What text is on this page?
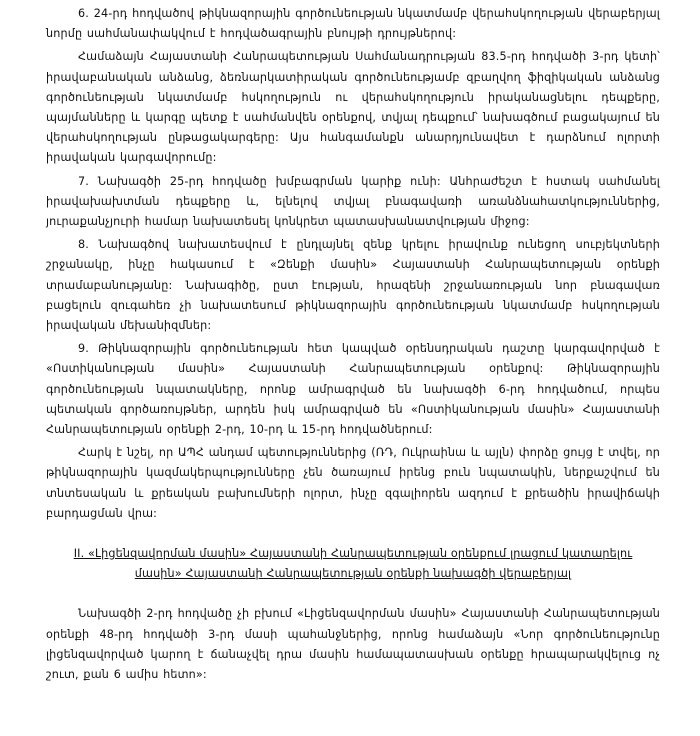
6. 24-րդ հոդվածով թիկնազորային գործունեության նկատմամբ վերահսկողության վերաբերյալ նորմը սահմանափակվում է հոդվածագրային բնույթի դրույթներով:

Համաձայն Հայաստանի Հանրապետության Սահմանադրության 83.5-րդ հոդվածի 3-րդ կետի՝ իրավաբանական անձանց, ձեռնարկատիրական գործունեությամբ զբաղվող ֆիզիկական անձանց գործունեության նկատմամբ հսկողություն ու վերահսկողություն իրականացնելու դեպքերը, պայմանները և կարգը պետք է սահմանվեն օրենքով, տվյալ դեպքում՝ նախագծում բացակայում են վերահսկողության ընթացակարգերը: Այս հանգամանքն անարդյունավետ է դարձնում ոլորտի իրավական կարգավորումը:

7. Նախագծի 25-րդ հոդվածը խմբագրման կարիք ունի: Անհրաժեշտ է հստակ սահմանել իրավախախտման դեպքերը և, ելնելով տվյալ բնագավառի առանձնահատկություններից, յուրաքանչյուրի համար նախատեսել կոնկրետ պատասխանատվության միջոց:

8. Նախագծով նախատեսվում է ընդլայնել զենք կրելու իրավունք ունեցող սուբյեկտների շրջանակը, ինչը հակասում է «Զենքի մասին» Հայաստանի Հանրապետության օրենքի տրամաբանությանը: Նախագիծը, ըստ էության, հրազենի շրջանառության նոր բնագավառ բացելուն զուգահեռ չի նախատեսում թիկնազորային գործունեության նկատմամբ հսկողության իրավական մեխանիզմներ:

9. Թիկնազորային գործունեության հետ կապված օրենսդրական դաշտը կարգավորված է «Ոստիկանության մասին» Հայաստանի Հանրապետության օրենքով: Թիկնազորային գործունեության նպատակները, որոնք ամրագրված են նախագծի 6-րդ հոդվածում, որպես պետական գործառույթներ, արդեն իսկ ամրագրված են «Ոստիկանության մասին» Հայաստանի Հանրապետության օրենքի 2-րդ, 10-րդ և 15-րդ հոդվածներում:

Հարկ է նշել, որ ԱՊՀ անդամ պետություններից (ՌԴ, Ուկրաինա և այլն) փորձը ցույց է տվել, որ թիկնազորային կազմակերպությունները չեն ծառայում իրենց բուն նպատակին, ներքաշվում են տնտեսական և քրեական բախումների ոլորտ, ինչը զգալիորեն ազդում է քրեածին իրավիճակի բարդացման վրա:

II. «Լիցենզավորման մասին» Հայաստանի Հանրապետության օրենքում լրացում կատարելու մասին» Հայաստանի Հանրապետության օրենքի նախագծի վերաբերյալ

Նախագծի 2-րդ հոդվածը չի բխում «Լիցենզավորման մասին» Հայաստանի Հանրապետության օրենքի 48-րդ հոդվածի 3-րդ մասի պահանջներից, որոնց համաձայն «Նոր գործունեությունը լիցենզավորված կարող է ճանաչվել դրա մասին համապատասխան օրենքը հրապարակվելուց ոչ շուտ, քան 6 ամիս հետո»:
